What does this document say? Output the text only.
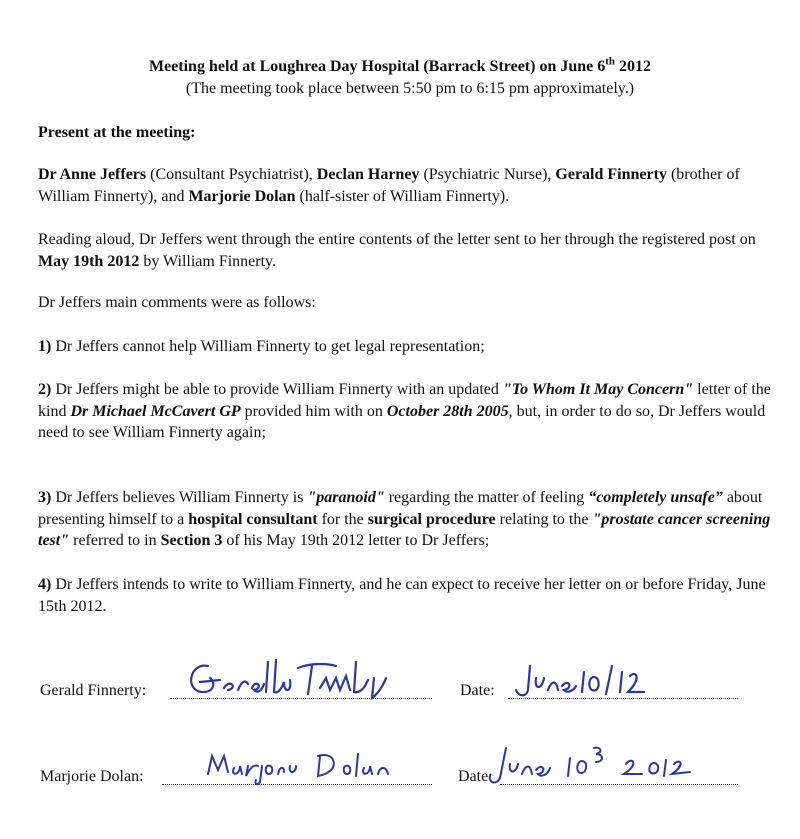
Meeting held at Loughrea Day Hospital (Barrack Street) on June 6th 2012
(The meeting took place between 5:50 pm to 6:15 pm approximately.)

Present at the meeting:

Dr Anne Jeffers (Consultant Psychiatrist), Declan Harney (Psychiatric Nurse), Gerald Finnerty (brother of William Finnerty), and Marjorie Dolan (half-sister of William Finnerty).

Reading aloud, Dr Jeffers went through the entire contents of the letter sent to her through the registered post on May 19th 2012 by William Finnerty.

Dr Jeffers main comments were as follows:

1) Dr Jeffers cannot help William Finnerty to get legal representation;

2) Dr Jeffers might be able to provide William Finnerty with an updated "To Whom It May Concern" letter of the kind Dr Michael McCavert GP provided him with on October 28th 2005, but, in order to do so, Dr Jeffers would need to see William Finnerty again;

3) Dr Jeffers believes William Finnerty is "paranoid" regarding the matter of feeling “completely unsafe” about presenting himself to a hospital consultant for the surgical procedure relating to the "prostate cancer screening test" referred to in Section 3 of his May 19th 2012 letter to Dr Jeffers;

4) Dr Jeffers intends to write to William Finnerty, and he can expect to receive her letter on or before Friday, June 15th 2012.

Gerald Finnerty:	Date:
Marjorie Dolan:	Date:
